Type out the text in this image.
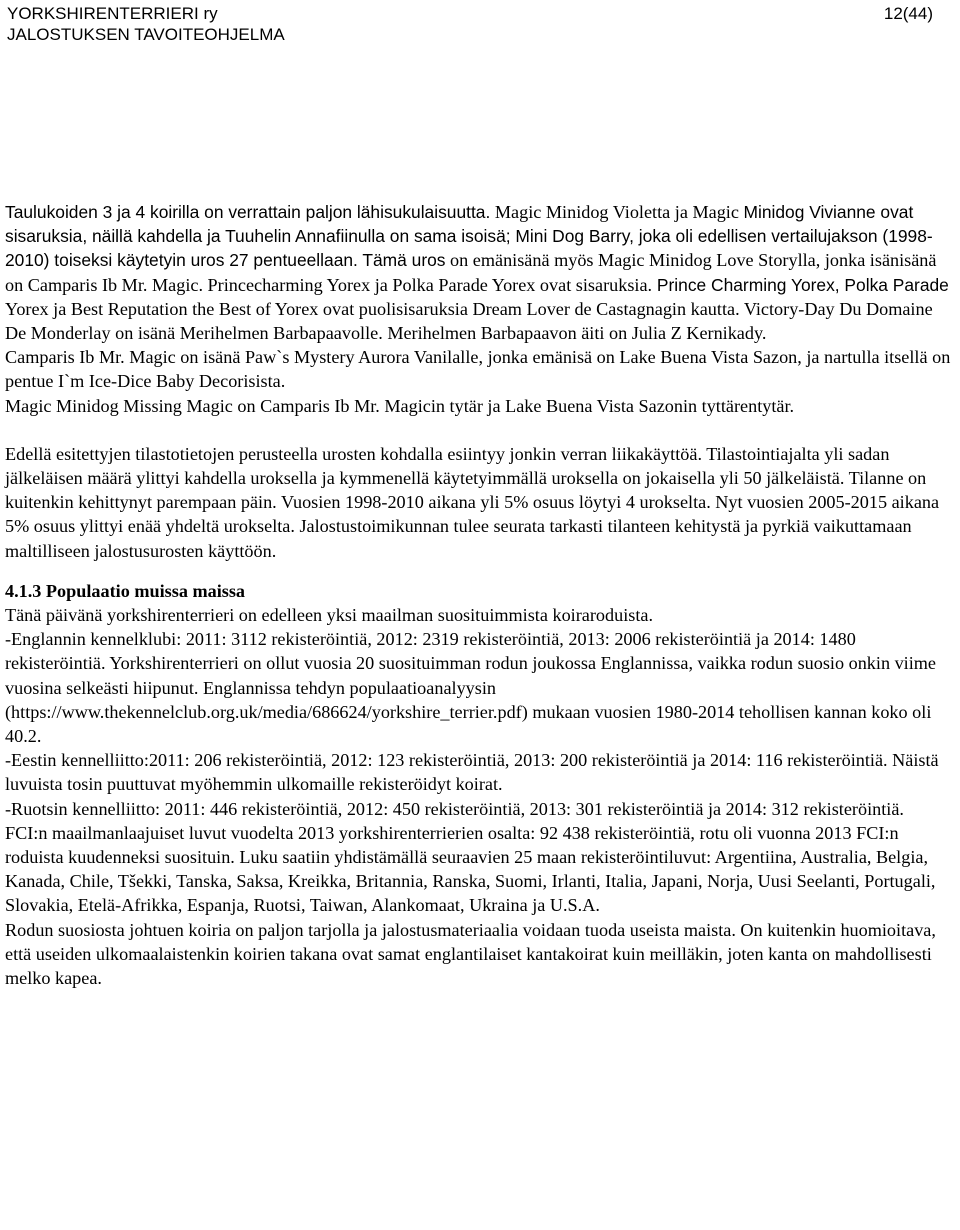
YORKSHIRENTERRIERI ry
JALOSTUKSEN TAVOITEOHJELMA
12(44)

Taulukoiden 3 ja 4 koirilla on verrattain paljon lähisukulaisuutta. Magic Minidog Violetta ja Magic Minidog Vivianne ovat sisaruksia, näillä kahdella ja Tuuhelin Annafiinulla on sama isoisä; Mini Dog Barry, joka oli edellisen vertailujakson (1998-2010) toiseksi käytetyin uros 27 pentueellaan. Tämä uros on emänisänä myös Magic Minidog Love Storylla, jonka isänisänä on Camparis Ib Mr. Magic. Princecharming Yorex ja Polka Parade Yorex ovat sisaruksia. Prince Charming Yorex, Polka Parade Yorex ja Best Reputation the Best of Yorex ovat puolisisaruksia Dream Lover de Castagnagin kautta. Victory-Day Du Domaine De Monderlay on isänä Merihelmen Barbapaavolle. Merihelmen Barbapaavon äiti on Julia Z Kernikady.

Camparis Ib Mr. Magic on isänä Paw`s Mystery Aurora Vanilalle, jonka emänisä on Lake Buena Vista Sazon, ja nartulla itsellä on pentue I`m Ice-Dice Baby Decorisista.

Magic Minidog Missing Magic on Camparis Ib Mr. Magicin tytär ja Lake Buena Vista Sazonin tyttärentytär.

Edellä esitettyjen tilastotietojen perusteella urosten kohdalla esiintyy jonkin verran liikakäyttöä. Tilastointiajalta yli sadan jälkeläisen määrä ylittyi kahdella uroksella ja kymmenellä käytetyimmällä uroksella on jokaisella yli 50 jälkeläistä. Tilanne on kuitenkin kehittynyt parempaan päin. Vuosien 1998-2010 aikana yli 5% osuus löytyi 4 urokselta. Nyt vuosien 2005-2015 aikana 5% osuus ylittyi enää yhdeltä urokselta. Jalostustoimikunnan tulee seurata tarkasti tilanteen kehitystä ja pyrkiä vaikuttamaan maltilliseen jalostusurosten käyttöön.

4.1.3 Populaatio muissa maissa

Tänä päivänä yorkshirenterrieri on edelleen yksi maailman suosituimmista koiraroduista.

-Englannin kennelklubi: 2011: 3112 rekisteröintiä, 2012: 2319 rekisteröintiä, 2013: 2006 rekisteröintiä ja 2014: 1480 rekisteröintiä. Yorkshirenterrieri on ollut vuosia 20 suosituimman rodun joukossa Englannissa, vaikka rodun suosio onkin viime vuosina selkeästi hiipunut. Englannissa tehdyn populaatioanalyysin (https://www.thekennelclub.org.uk/media/686624/yorkshire_terrier.pdf) mukaan vuosien 1980-2014 tehollisen kannan koko oli 40.2.

-Eestin kennelliitto:2011: 206 rekisteröintiä, 2012: 123 rekisteröintiä, 2013: 200 rekisteröintiä ja 2014: 116 rekisteröintiä. Näistä luvuista tosin puuttuvat myöhemmin ulkomaille rekisteröidyt koirat.

-Ruotsin kennelliitto: 2011: 446 rekisteröintiä, 2012: 450 rekisteröintiä, 2013: 301 rekisteröintiä ja 2014: 312 rekisteröintiä.

FCI:n maailmanlaajuiset luvut vuodelta 2013 yorkshirenterrierien osalta: 92 438 rekisteröintiä, rotu oli vuonna 2013 FCI:n roduista kuudenneksi suosituin. Luku saatiin yhdistämällä seuraavien 25 maan rekisteröintiluvut: Argentiina, Australia, Belgia, Kanada, Chile, Tšekki, Tanska, Saksa, Kreikka, Britannia, Ranska, Suomi, Irlanti, Italia, Japani, Norja, Uusi Seelanti, Portugali, Slovakia, Etelä-Afrikka, Espanja, Ruotsi, Taiwan, Alankomaat, Ukraina ja U.S.A.

Rodun suosiosta johtuen koiria on paljon tarjolla ja jalostusmateriaalia voidaan tuoda useista maista. On kuitenkin huomioitava, että useiden ulkomaalaistenkin koirien takana ovat samat englantilaiset kantakoirat kuin meilläkin, joten kanta on mahdollisesti melko kapea.
